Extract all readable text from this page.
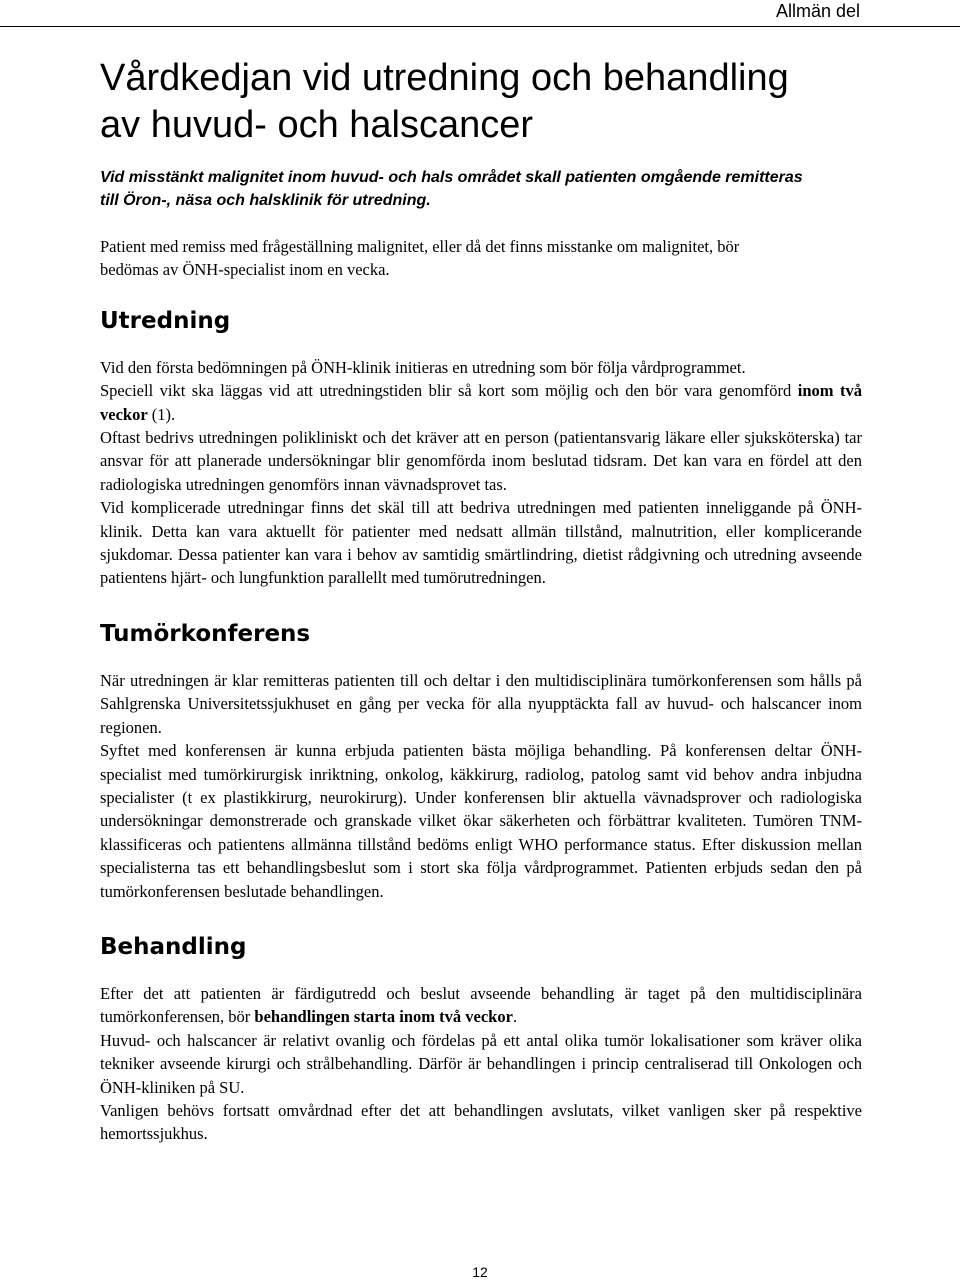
Allmän del
Vårdkedjan vid utredning och behandling
av huvud- och halscancer

Vid misstänkt malignitet inom huvud- och hals området skall patienten omgående remitteras
till Öron-, näsa och halsklinik för utredning.

Patient med remiss med frågeställning malignitet, eller då det finns misstanke om malignitet, bör
bedömas av ÖNH-specialist inom en vecka.

Utredning

Vid den första bedömningen på ÖNH-klinik initieras en utredning som bör följa vårdprogrammet.

Speciell vikt ska läggas vid att utredningstiden blir så kort som möjlig och den bör vara genomförd inom två veckor (1).

Oftast bedrivs utredningen polikliniskt och det kräver att en person (patientansvarig läkare eller sjuksköterska) tar ansvar för att planerade undersökningar blir genomförda inom beslutad tidsram. Det kan vara en fördel att den radiologiska utredningen genomförs innan vävnadsprovet tas.

Vid komplicerade utredningar finns det skäl till att bedriva utredningen med patienten inneliggande på ÖNH-klinik. Detta kan vara aktuellt för patienter med nedsatt allmän tillstånd, malnutrition, eller komplicerande sjukdomar. Dessa patienter kan vara i behov av samtidig smärtlindring, dietist rådgivning och utredning avseende patientens hjärt- och lungfunktion parallellt med tumörutredningen.

Tumörkonferens

När utredningen är klar remitteras patienten till och deltar i den multidisciplinära tumörkonferensen som hålls på Sahlgrenska Universitetssjukhuset en gång per vecka för alla nyupptäckta fall av huvud- och halscancer inom regionen.

Syftet med konferensen är kunna erbjuda patienten bästa möjliga behandling. På konferensen deltar ÖNH-specialist med tumörkirurgisk inriktning, onkolog, käkkirurg, radiolog, patolog samt vid behov andra inbjudna specialister (t ex plastikkirurg, neurokirurg). Under konferensen blir aktuella vävnadsprover och radiologiska undersökningar demonstrerade och granskade vilket ökar säkerheten och förbättrar kvaliteten. Tumören TNM- klassificeras och patientens allmänna tillstånd bedöms enligt WHO performance status. Efter diskussion mellan specialisterna tas ett behandlingsbeslut som i stort ska följa vårdprogrammet. Patienten erbjuds sedan den på tumörkonferensen beslutade behandlingen.

Behandling

Efter det att patienten är färdigutredd och beslut avseende behandling är taget på den multidisciplinära tumörkonferensen, bör behandlingen starta inom två veckor.

Huvud- och halscancer är relativt ovanlig och fördelas på ett antal olika tumör lokalisationer som kräver olika tekniker avseende kirurgi och strålbehandling. Därför är behandlingen i princip centraliserad till Onkologen och ÖNH-kliniken på SU.

Vanligen behövs fortsatt omvårdnad efter det att behandlingen avslutats, vilket vanligen sker på respektive hemortssjukhus.

12
